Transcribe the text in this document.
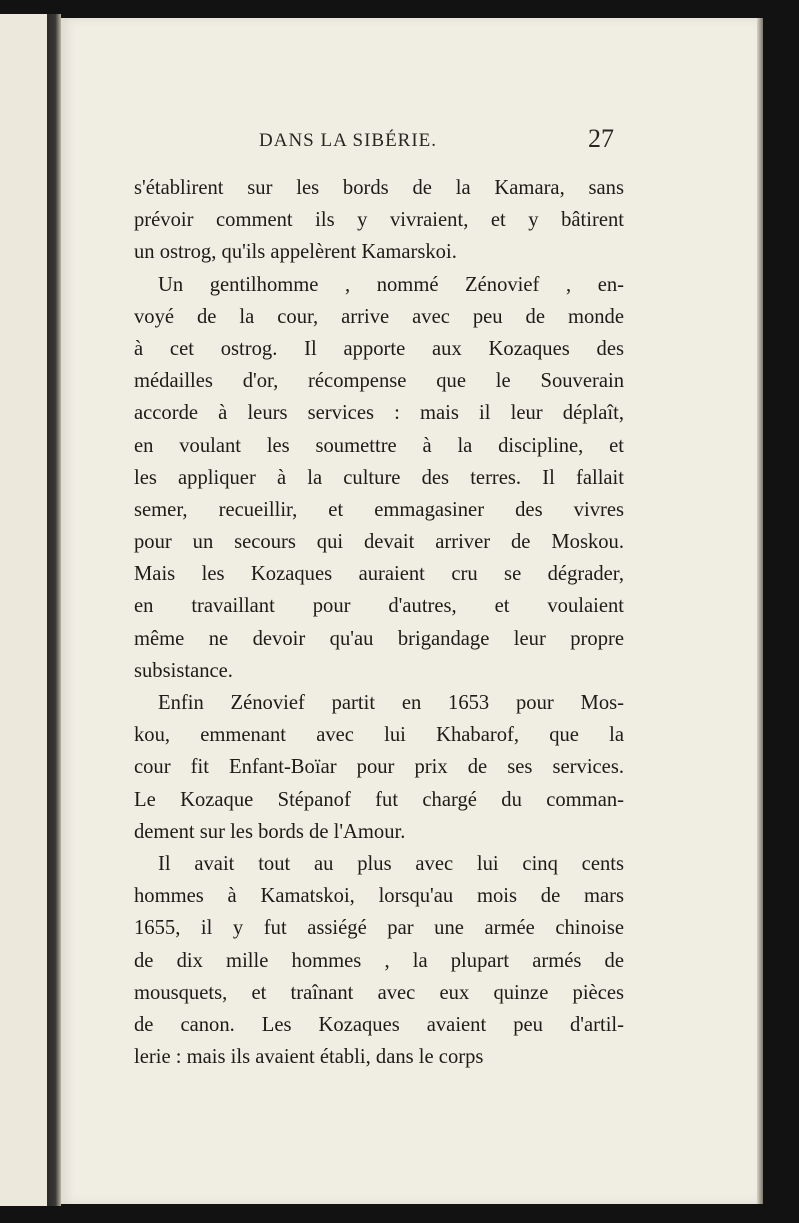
DANS LA SIBÉRIE.	27
s'établirent sur les bords de la Kamara, sans
prévoir comment ils y vivraient, et y bâtirent
un ostrog, qu'ils appelèrent Kamarskoi.
Un gentilhomme , nommé Zénovief , en-
voyé de la cour, arrive avec peu de monde
à cet ostrog. Il apporte aux Kozaques des
médailles d'or, récompense que le Souverain
accorde à leurs services : mais il leur déplaît,
en voulant les soumettre à la discipline, et
les appliquer à la culture des terres. Il fallait
semer, recueillir, et emmagasiner des vivres
pour un secours qui devait arriver de Moskou.
Mais les Kozaques auraient cru se dégrader,
en travaillant pour d'autres, et voulaient
même ne devoir qu'au brigandage leur propre
subsistance.
Enfin Zénovief partit en 1653 pour Mos-
kou, emmenant avec lui Khabarof, que la
cour fit Enfant-Boïar pour prix de ses services.
Le Kozaque Stépanof fut chargé du comman-
dement sur les bords de l'Amour.
Il avait tout au plus avec lui cinq cents
hommes à Kamatskoi, lorsqu'au mois de mars
1655, il y fut assiégé par une armée chinoise
de dix mille hommes , la plupart armés de
mousquets, et traînant avec eux quinze pièces
de canon. Les Kozaques avaient peu d'artil-
lerie : mais ils avaient établi, dans le corps
